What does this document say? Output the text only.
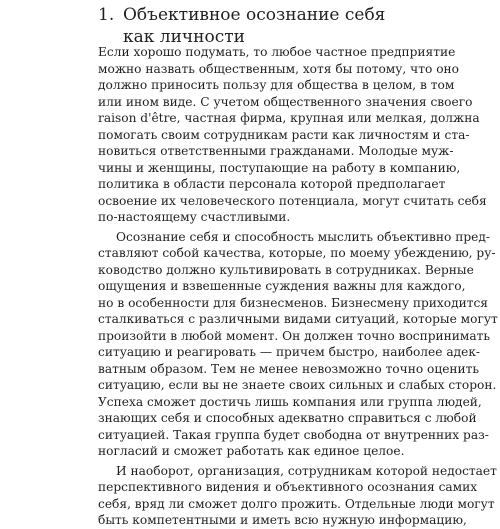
1. Объективное осознание себя
как личности
Если хорошо подумать, то любое частное предприятие
можно назвать общественным, хотя бы потому, что оно
должно приносить пользу для общества в целом, в том
или ином виде. С учетом общественного значения своего
raison d'être, частная фирма, крупная или мелкая, должна
помогать своим сотрудникам расти как личностям и ста-
новиться ответственными гражданами. Молодые муж-
чины и женщины, поступающие на работу в компанию,
политика в области персонала которой предполагает
освоение их человеческого потенциала, могут считать себя
по-настоящему счастливыми.
Осознание себя и способность мыслить объективно пред-
ставляют собой качества, которые, по моему убеждению, ру-
ководство должно культивировать в сотрудниках. Верные
ощущения и взвешенные суждения важны для каждого,
но в особенности для бизнесменов. Бизнесмену приходится
сталкиваться с различными видами ситуаций, которые могут
произойти в любой момент. Он должен точно воспринимать
ситуацию и реагировать — причем быстро, наиболее адек-
ватным образом. Тем не менее невозможно точно оценить
ситуацию, если вы не знаете своих сильных и слабых сторон.
Успеха сможет достичь лишь компания или группа людей,
знающих себя и способных адекватно справиться с любой
ситуацией. Такая группа будет свободна от внутренних раз-
ногласий и сможет работать как единое целое.
И наоборот, организация, сотрудникам которой недостает
перспективного видения и объективного осознания самих
себя, вряд ли сможет долго прожить. Отдельные люди могут
быть компетентными и иметь всю нужную информацию,
